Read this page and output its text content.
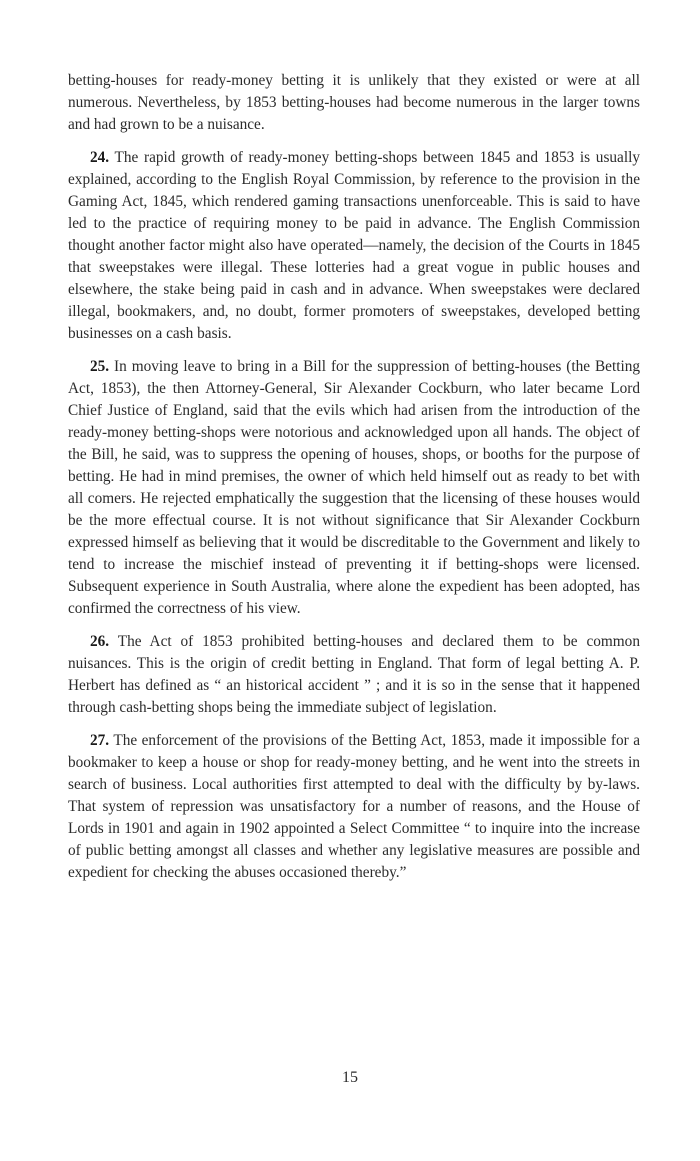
betting-houses for ready-money betting it is unlikely that they existed or were at all numerous. Nevertheless, by 1853 betting-houses had become numerous in the larger towns and had grown to be a nuisance.

24. The rapid growth of ready-money betting-shops between 1845 and 1853 is usually explained, according to the English Royal Commission, by reference to the provision in the Gaming Act, 1845, which rendered gaming transactions unenforceable. This is said to have led to the practice of requiring money to be paid in advance. The English Commission thought another factor might also have operated—namely, the decision of the Courts in 1845 that sweepstakes were illegal. These lotteries had a great vogue in public houses and elsewhere, the stake being paid in cash and in advance. When sweepstakes were declared illegal, bookmakers, and, no doubt, former promoters of sweepstakes, developed betting businesses on a cash basis.

25. In moving leave to bring in a Bill for the suppression of betting-houses (the Betting Act, 1853), the then Attorney-General, Sir Alexander Cockburn, who later became Lord Chief Justice of England, said that the evils which had arisen from the introduction of the ready-money betting-shops were notorious and acknowledged upon all hands. The object of the Bill, he said, was to suppress the opening of houses, shops, or booths for the purpose of betting. He had in mind premises, the owner of which held himself out as ready to bet with all comers. He rejected emphatically the suggestion that the licensing of these houses would be the more effectual course. It is not without significance that Sir Alexander Cockburn expressed himself as believing that it would be discreditable to the Government and likely to tend to increase the mischief instead of preventing it if betting-shops were licensed. Subsequent experience in South Australia, where alone the expedient has been adopted, has confirmed the correctness of his view.

26. The Act of 1853 prohibited betting-houses and declared them to be common nuisances. This is the origin of credit betting in England. That form of legal betting A. P. Herbert has defined as “ an historical accident ” ; and it is so in the sense that it happened through cash-betting shops being the immediate subject of legislation.

27. The enforcement of the provisions of the Betting Act, 1853, made it impossible for a bookmaker to keep a house or shop for ready-money betting, and he went into the streets in search of business. Local authorities first attempted to deal with the difficulty by by-laws. That system of repression was unsatisfactory for a number of reasons, and the House of Lords in 1901 and again in 1902 appointed a Select Committee “ to inquire into the increase of public betting amongst all classes and whether any legislative measures are possible and expedient for checking the abuses occasioned thereby.”

15
